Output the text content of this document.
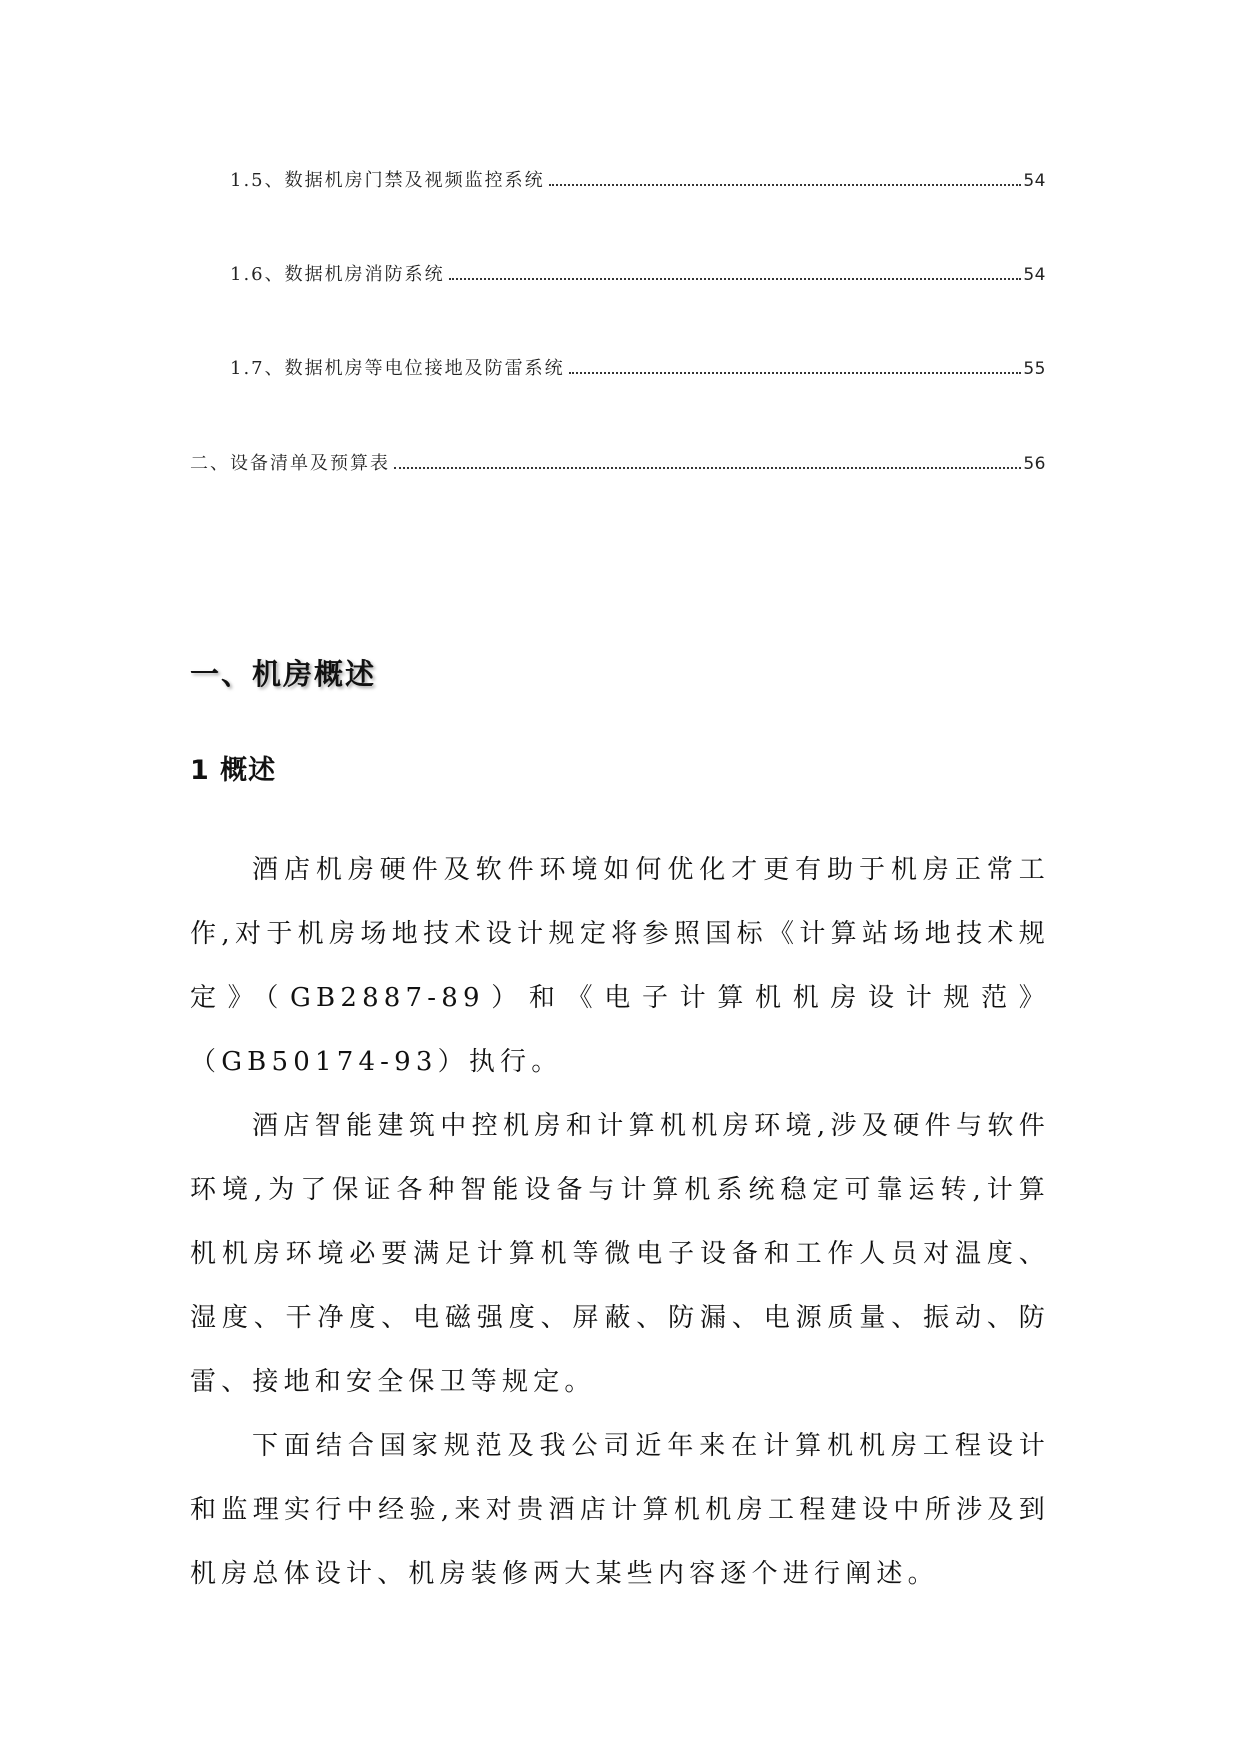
1.5、数据机房门禁及视频监控系统	54
1.6、数据机房消防系统	54
1.7、数据机房等电位接地及防雷系统	55
二、设备清单及预算表	56
一、机房概述
1 概述

酒店机房硬件及软件环境如何优化才更有助于机房正常工作,对于机房场地技术设计规定将参照国标《计算站场地技术规定》（GB2887-89）和《电子计算机机房设计规范》（GB50174-93）执行。

酒店智能建筑中控机房和计算机机房环境,涉及硬件与软件环境,为了保证各种智能设备与计算机系统稳定可靠运转,计算机机房环境必要满足计算机等微电子设备和工作人员对温度、湿度、干净度、电磁强度、屏蔽、防漏、电源质量、振动、防雷、接地和安全保卫等规定。

下面结合国家规范及我公司近年来在计算机机房工程设计和监理实行中经验,来对贵酒店计算机机房工程建设中所涉及到机房总体设计、机房装修两大某些内容逐个进行阐述。
